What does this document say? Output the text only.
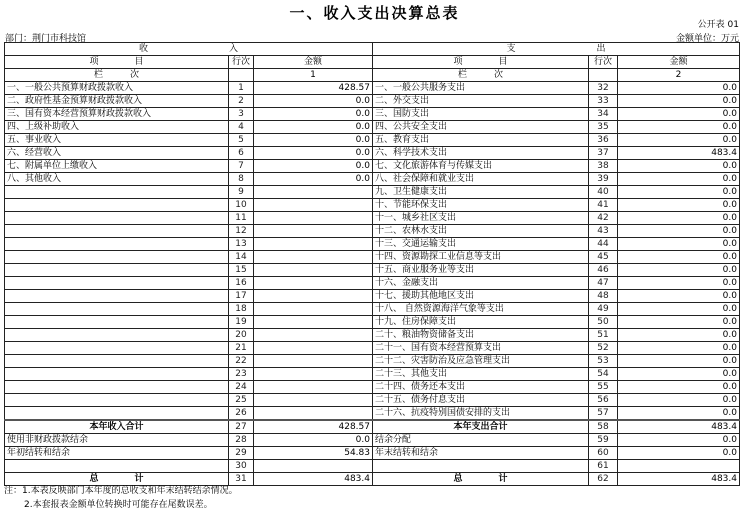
一、收入支出决算总表
公开表 01
部门：荆门市科技馆	金额单位：万元
收　　　　　　　　　入			支　　　　　　　　　出		
项　　　　目	行次	金额	项　　　　目	行次	金额
栏　　　次		1	栏　　　次		2
一、一般公共预算财政拨款收入	1	428.57	一、一般公共服务支出	32	0.0
二、政府性基金预算财政拨款收入	2	0.0	二、外交支出	33	0.0
三、国有资本经营预算财政拨款收入	3	0.0	三、国防支出	34	0.0
四、上级补助收入	4	0.0	四、公共安全支出	35	0.0
五、事业收入	5	0.0	五、教育支出	36	0.0
六、经营收入	6	0.0	六、科学技术支出	37	483.4
七、附属单位上缴收入	7	0.0	七、文化旅游体育与传媒支出	38	0.0
八、其他收入	8	0.0	八、社会保障和就业支出	39	0.0
	9		九、卫生健康支出	40	0.0
	10		十、节能环保支出	41	0.0
	11		十一、城乡社区支出	42	0.0
	12		十二、农林水支出	43	0.0
	13		十三、交通运输支出	44	0.0
	14		十四、资源勘探工业信息等支出	45	0.0
	15		十五、商业服务业等支出	46	0.0
	16		十六、金融支出	47	0.0
	17		十七、援助其他地区支出	48	0.0
	18		十八、 自然资源海洋气象等支出	49	0.0
	19		十九、住房保障支出	50	0.0
	20		二十、粮油物资储备支出	51	0.0
	21		二十一、国有资本经营预算支出	52	0.0
	22		二十二、灾害防治及应急管理支出	53	0.0
	23		二十三、其他支出	54	0.0
	24		二十四、债务还本支出	55	0.0
	25		二十五、债务付息支出	56	0.0
	26		二十六、抗疫特别国债安排的支出	57	0.0
本年收入合计	27	428.57	本年支出合计	58	483.4
使用非财政拨款结余	28	0.0	结余分配	59	0.0
年初结转和结余	29	54.83	年末结转和结余	60	0.0
	30			61	
总　　　　计	31	483.4	总　　　　计	62	483.4
注：1.本表反映部门本年度的总收支和年末结转结余情况。
2.本套报表金额单位转换时可能存在尾数误差。
